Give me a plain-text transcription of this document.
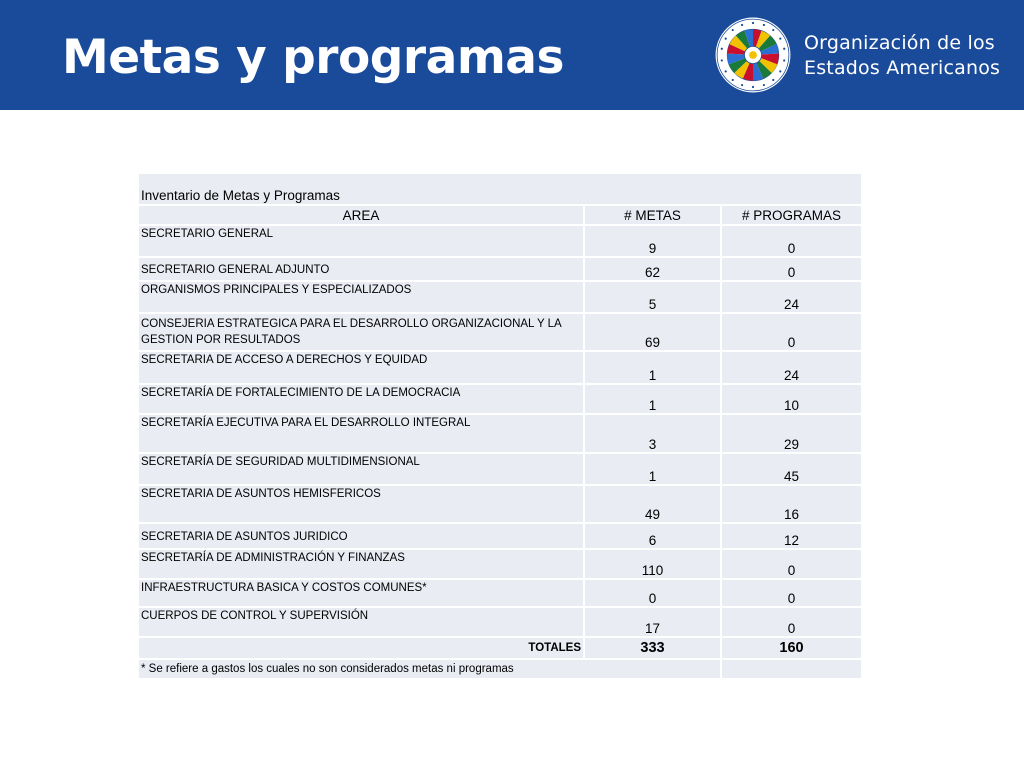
Metas y programas	Organización de los
Estados Americanos
Inventario de Metas y Programas		
AREA	# METAS	# PROGRAMAS
SECRETARIO GENERAL	9	0
SECRETARIO GENERAL ADJUNTO	62	0
ORGANISMOS PRINCIPALES Y ESPECIALIZADOS	5	24
CONSEJERIA ESTRATEGICA PARA EL DESARROLLO ORGANIZACIONAL Y LA GESTION POR RESULTADOS	69	0
SECRETARIA DE ACCESO A DERECHOS Y EQUIDAD	1	24
SECRETARÍA DE FORTALECIMIENTO DE LA DEMOCRACIA	1	10
SECRETARÍA EJECUTIVA PARA EL DESARROLLO INTEGRAL	3	29
SECRETARÍA DE SEGURIDAD MULTIDIMENSIONAL	1	45
SECRETARIA DE ASUNTOS HEMISFERICOS	49	16
SECRETARIA DE ASUNTOS JURIDICO	6	12
SECRETARÍA DE ADMINISTRACIÓN Y FINANZAS	110	0
INFRAESTRUCTURA BASICA Y COSTOS COMUNES*	0	0
CUERPOS DE CONTROL Y SUPERVISIÓN	17	0
TOTALES	333	160
* Se refiere a gastos los cuales no son considerados metas ni programas		
